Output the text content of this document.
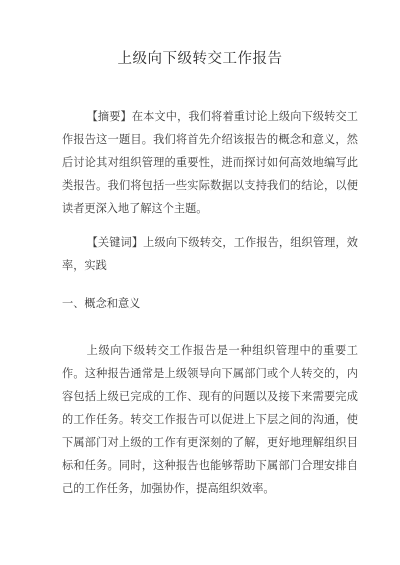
上级向下级转交工作报告
【摘要】在本文中，我们将着重讨论上级向下级转交工作报告这一题目。我们将首先介绍该报告的概念和意义，然后讨论其对组织管理的重要性，进而探讨如何高效地编写此类报告。我们将包括一些实际数据以支持我们的结论，以便读者更深入地了解这个主题。
【关键词】上级向下级转交，工作报告，组织管理，效率，实践
一、概念和意义
上级向下级转交工作报告是一种组织管理中的重要工作。这种报告通常是上级领导向下属部门或个人转交的，内容包括上级已完成的工作、现有的问题以及接下来需要完成的工作任务。转交工作报告可以促进上下层之间的沟通，使下属部门对上级的工作有更深刻的了解，更好地理解组织目标和任务。同时，这种报告也能够帮助下属部门合理安排自己的工作任务，加强协作，提高组织效率。
